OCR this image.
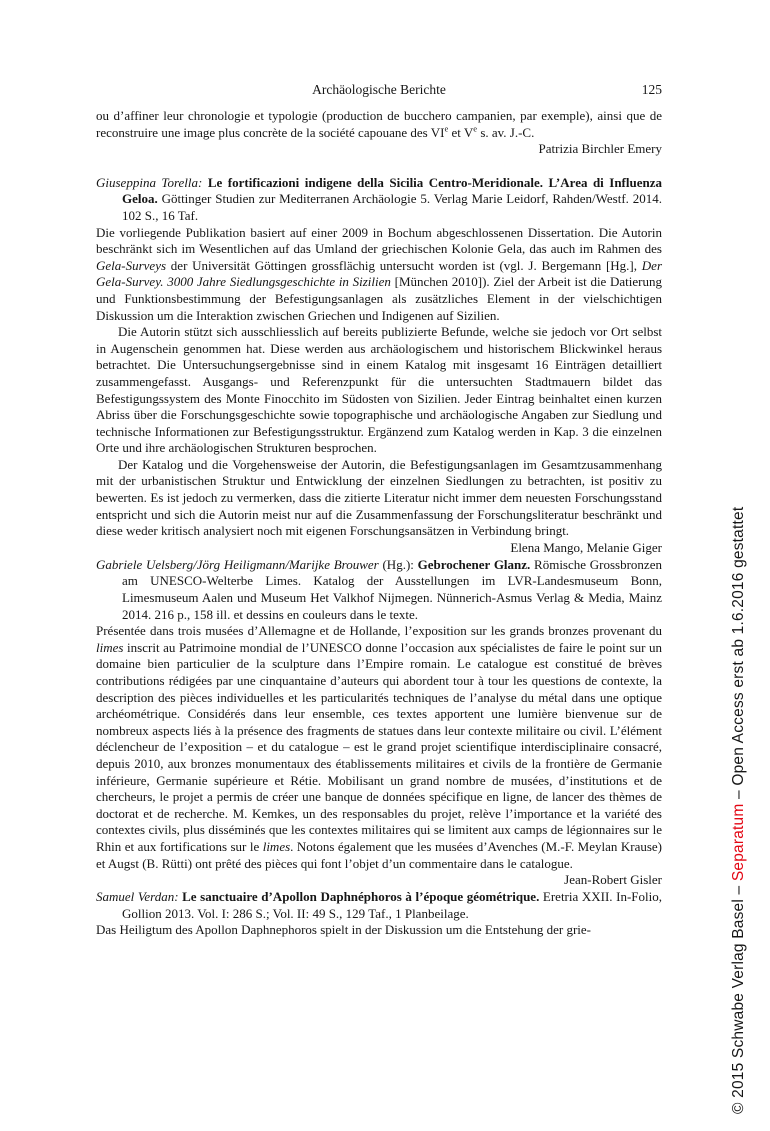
Archäologische Berichte	125

ou d’affiner leur chronologie et typologie (production de bucchero campanien, par exemple), ainsi que de reconstruire une image plus concrète de la société capouane des VIe et Ve s. av. J.-C.

Patrizia Birchler Emery

Giuseppina Torella: Le fortificazioni indigene della Sicilia Centro-Meridionale. L’Area di Influenza Geloa. Göttinger Studien zur Mediterranen Archäologie 5. Verlag Marie Leidorf, Rahden/Westf. 2014. 102 S., 16 Taf.

Die vorliegende Publikation basiert auf einer 2009 in Bochum abgeschlossenen Dissertation. Die Autorin beschränkt sich im Wesentlichen auf das Umland der griechischen Kolonie Gela, das auch im Rahmen des Gela-Surveys der Universität Göttingen grossflächig untersucht worden ist (vgl. J. Bergemann [Hg.], Der Gela-Survey. 3000 Jahre Siedlungsgeschichte in Sizilien [München 2010]). Ziel der Arbeit ist die Datierung und Funktionsbestimmung der Befestigungsanlagen als zusätzliches Element in der vielschichtigen Diskussion um die Interaktion zwischen Griechen und Indigenen auf Sizilien.

Die Autorin stützt sich ausschliesslich auf bereits publizierte Befunde, welche sie jedoch vor Ort selbst in Augenschein genommen hat. Diese werden aus archäologischem und historischem Blickwinkel heraus betrachtet. Die Untersuchungsergebnisse sind in einem Katalog mit insgesamt 16 Einträgen detailliert zusammengefasst. Ausgangs- und Referenzpunkt für die untersuchten Stadtmauern bildet das Befestigungssystem des Monte Finocchito im Südosten von Sizilien. Jeder Eintrag beinhaltet einen kurzen Abriss über die Forschungsgeschichte sowie topographische und archäologische Angaben zur Siedlung und technische Informationen zur Befestigungsstruktur. Ergänzend zum Katalog werden in Kap. 3 die einzelnen Orte und ihre archäologischen Strukturen besprochen.

Der Katalog und die Vorgehensweise der Autorin, die Befestigungsanlagen im Gesamtzusammenhang mit der urbanistischen Struktur und Entwicklung der einzelnen Siedlungen zu betrachten, ist positiv zu bewerten. Es ist jedoch zu vermerken, dass die zitierte Literatur nicht immer dem neuesten Forschungsstand entspricht und sich die Autorin meist nur auf die Zusammenfassung der Forschungsliteratur beschränkt und diese weder kritisch analysiert noch mit eigenen Forschungsansätzen in Verbindung bringt.
Elena Mango, Melanie Giger

Gabriele Uelsberg/Jörg Heiligmann/Marijke Brouwer (Hg.): Gebrochener Glanz. Römische Grossbronzen am UNESCO-Welterbe Limes. Katalog der Ausstellungen im LVR-Landesmuseum Bonn, Limesmuseum Aalen und Museum Het Valkhof Nijmegen. Nünnerich-Asmus Verlag & Media, Mainz 2014. 216 p., 158 ill. et dessins en couleurs dans le texte.

Présentée dans trois musées d’Allemagne et de Hollande, l’exposition sur les grands bronzes provenant du limes inscrit au Patrimoine mondial de l’UNESCO donne l’occasion aux spécialistes de faire le point sur un domaine bien particulier de la sculpture dans l’Empire romain. Le catalogue est constitué de brèves contributions rédigées par une cinquantaine d’auteurs qui abordent tour à tour les questions de contexte, la description des pièces individuelles et les particularités techniques de l’analyse du métal dans une optique archéométrique. Considérés dans leur ensemble, ces textes apportent une lumière bienvenue sur de nombreux aspects liés à la présence des fragments de statues dans leur contexte militaire ou civil. L’élément déclencheur de l’exposition – et du catalogue – est le grand projet scientifique interdisciplinaire consacré, depuis 2010, aux bronzes monumentaux des établissements militaires et civils de la frontière de Germanie inférieure, Germanie supérieure et Rétie. Mobilisant un grand nombre de musées, d’institutions et de chercheurs, le projet a permis de créer une banque de données spécifique en ligne, de lancer des thèmes de doctorat et de recherche. M. Kemkes, un des responsables du projet, relève l’importance et la variété des contextes civils, plus disséminés que les contextes militaires qui se limitent aux camps de légionnaires sur le Rhin et aux fortifications sur le limes. Notons également que les musées d’Avenches (M.-F. Meylan Krause) et Augst (B. Rütti) ont prêté des pièces qui font l’objet d’un commentaire dans le catalogue.
Jean-Robert Gisler

Samuel Verdan: Le sanctuaire d’Apollon Daphnéphoros à l’époque géométrique. Eretria XXII. In-Folio, Gollion 2013. Vol. I: 286 S.; Vol. II: 49 S., 129 Taf., 1 Planbeilage.

Das Heiligtum des Apollon Daphnephoros spielt in der Diskussion um die Entstehung der grie-	© 2015 Schwabe Verlag Basel – Separatum – Open Access erst ab 1.6.2016 gestattet
